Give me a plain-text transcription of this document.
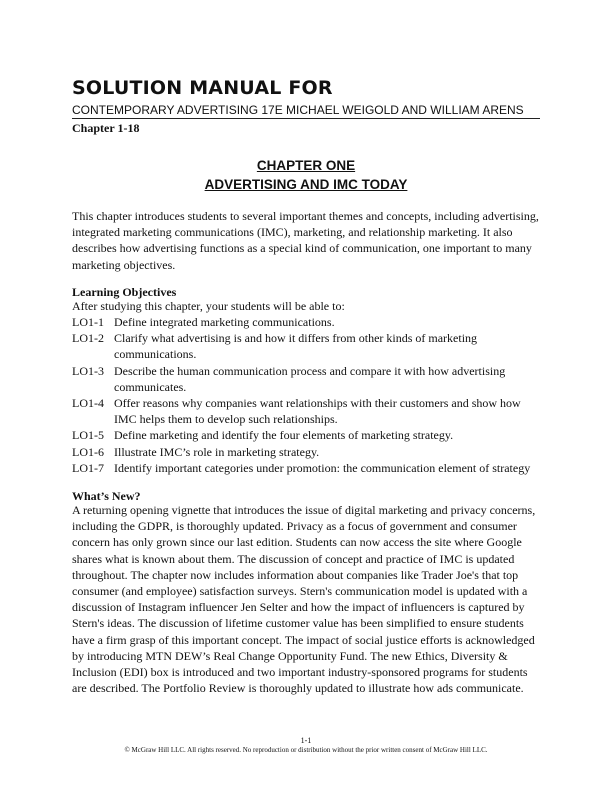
SOLUTION MANUAL FOR

CONTEMPORARY ADVERTISING 17E MICHAEL WEIGOLD AND WILLIAM ARENS

Chapter 1-18

CHAPTER ONE

ADVERTISING AND IMC TODAY

This chapter introduces students to several important themes and concepts, including advertising, integrated marketing communications (IMC), marketing, and relationship marketing. It also describes how advertising functions as a special kind of communication, one important to many marketing objectives.

Learning Objectives

After studying this chapter, your students will be able to:

LO1-1 Define integrated marketing communications.
LO1-2 Clarify what advertising is and how it differs from other kinds of marketing communications.
LO1-3 Describe the human communication process and compare it with how advertising communicates.
LO1-4 Offer reasons why companies want relationships with their customers and show how IMC helps them to develop such relationships.
LO1-5 Define marketing and identify the four elements of marketing strategy.
LO1-6 Illustrate IMC’s role in marketing strategy.
LO1-7 Identify important categories under promotion: the communication element of strategy

What’s New?

A returning opening vignette that introduces the issue of digital marketing and privacy concerns, including the GDPR, is thoroughly updated. Privacy as a focus of government and consumer concern has only grown since our last edition. Students can now access the site where Google shares what is known about them. The discussion of concept and practice of IMC is updated throughout. The chapter now includes information about companies like Trader Joe's that top consumer (and employee) satisfaction surveys. Stern's communication model is updated with a discussion of Instagram influencer Jen Selter and how the impact of influencers is captured by Stern's ideas. The discussion of lifetime customer value has been simplified to ensure students have a firm grasp of this important concept. The impact of social justice efforts is acknowledged by introducing MTN DEW’s Real Change Opportunity Fund. The new Ethics, Diversity & Inclusion (EDI) box is introduced and two important industry-sponsored programs for students are described. The Portfolio Review is thoroughly updated to illustrate how ads communicate.

1-1

© McGraw Hill LLC. All rights reserved. No reproduction or distribution without the prior written consent of McGraw Hill LLC.
